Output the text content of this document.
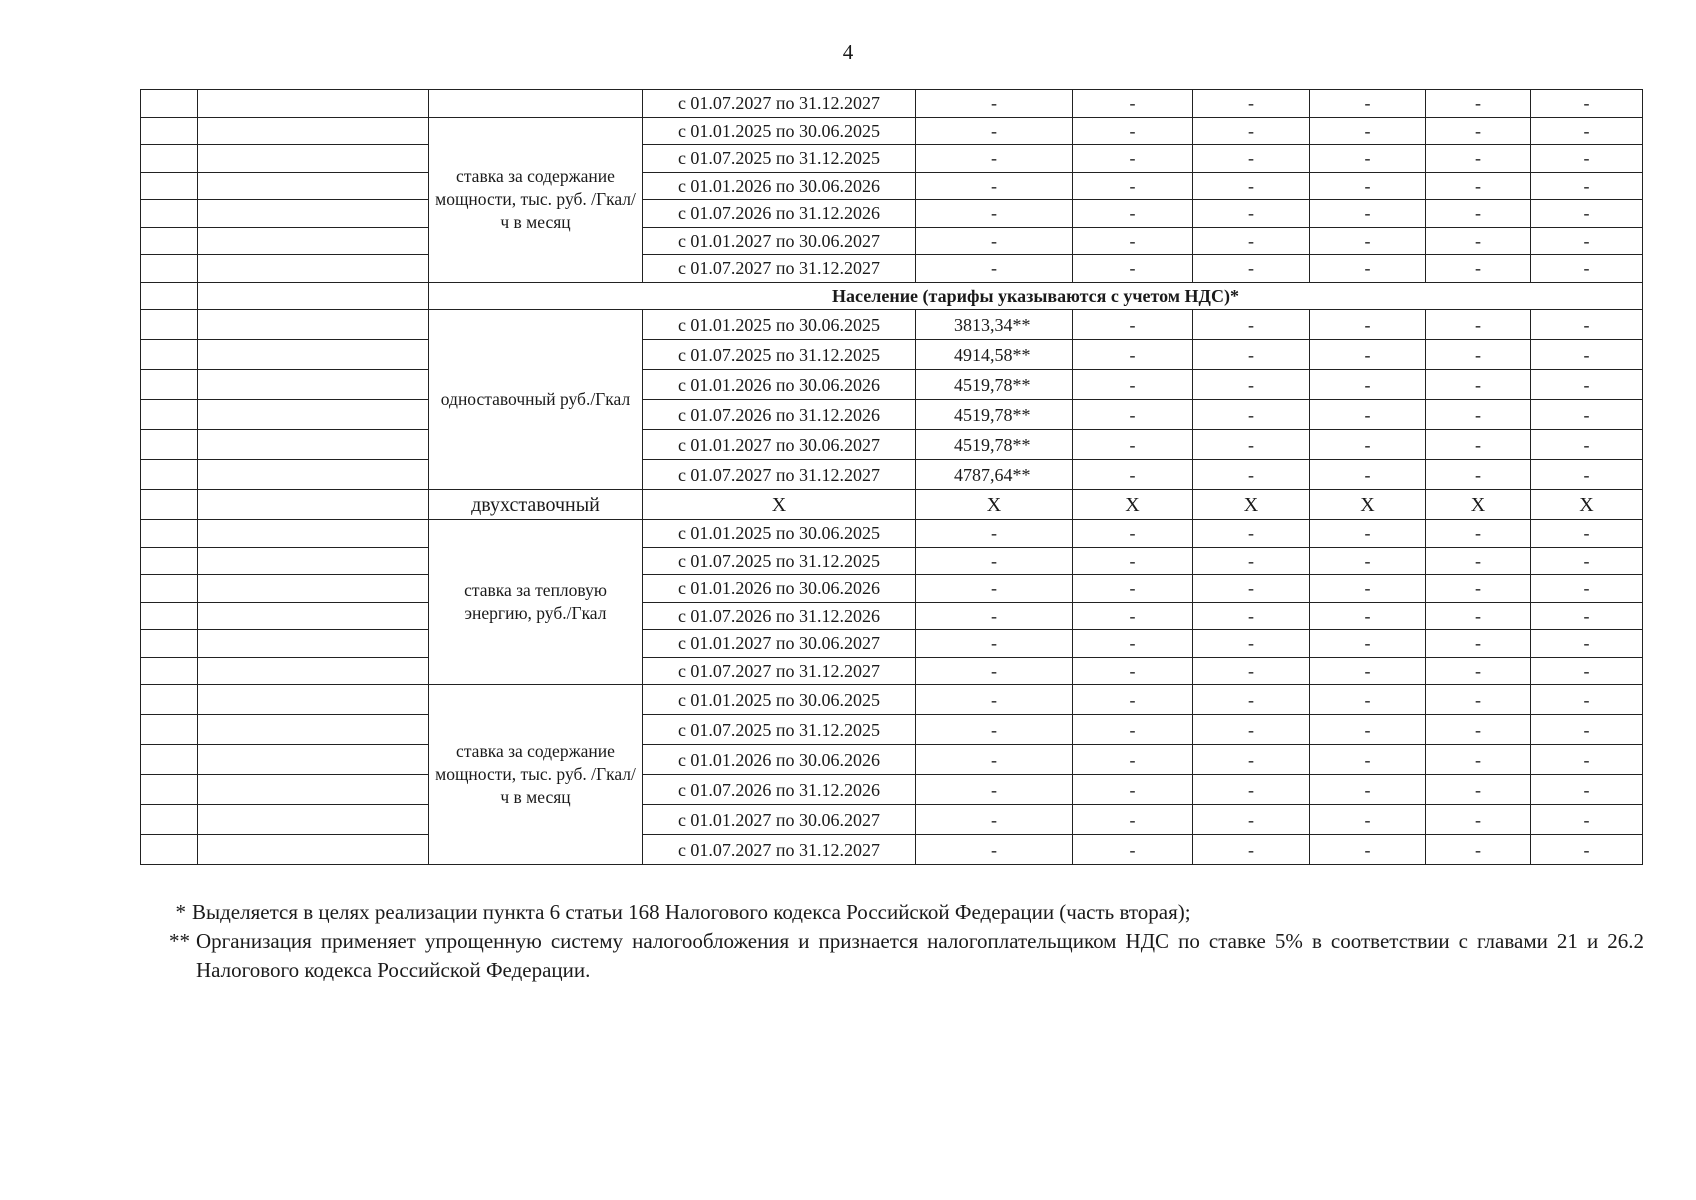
4
			с 01.07.2027 по 31.12.2027	-	-	-	-	-	-
		ставка за содержание мощности, тыс. руб. /Гкал/ч в месяц	с 01.01.2025 по 30.06.2025	-	-	-	-	-	-
			с 01.07.2025 по 31.12.2025	-	-	-	-	-	-
			с 01.01.2026 по 30.06.2026	-	-	-	-	-	-
			с 01.07.2026 по 31.12.2026	-	-	-	-	-	-
			с 01.01.2027 по 30.06.2027	-	-	-	-	-	-
			с 01.07.2027 по 31.12.2027	-	-	-	-	-	-
		Население (тарифы указываются с учетом НДС)*							
		одноставочный руб./Гкал	с 01.01.2025 по 30.06.2025	3813,34**	-	-	-	-	-
			с 01.07.2025 по 31.12.2025	4914,58**	-	-	-	-	-
			с 01.01.2026 по 30.06.2026	4519,78**	-	-	-	-	-
			с 01.07.2026 по 31.12.2026	4519,78**	-	-	-	-	-
			с 01.01.2027 по 30.06.2027	4519,78**	-	-	-	-	-
			с 01.07.2027 по 31.12.2027	4787,64**	-	-	-	-	-
		двухставочный	X	X	X	X	X	X	X
		ставка за тепловую энергию, руб./Гкал	с 01.01.2025 по 30.06.2025	-	-	-	-	-	-
			с 01.07.2025 по 31.12.2025	-	-	-	-	-	-
			с 01.01.2026 по 30.06.2026	-	-	-	-	-	-
			с 01.07.2026 по 31.12.2026	-	-	-	-	-	-
			с 01.01.2027 по 30.06.2027	-	-	-	-	-	-
			с 01.07.2027 по 31.12.2027	-	-	-	-	-	-
		ставка за содержание мощности, тыс. руб. /Гкал/ч в месяц	с 01.01.2025 по 30.06.2025	-	-	-	-	-	-
			с 01.07.2025 по 31.12.2025	-	-	-	-	-	-
			с 01.01.2026 по 30.06.2026	-	-	-	-	-	-
			с 01.07.2026 по 31.12.2026	-	-	-	-	-	-
			с 01.01.2027 по 30.06.2027	-	-	-	-	-	-
			с 01.07.2027 по 31.12.2027	-	-	-	-	-	-
* Выделяется в целях реализации пункта 6 статьи 168 Налогового кодекса Российской Федерации (часть вторая);
** Организация применяет упрощенную систему налогообложения и признается налогоплательщиком НДС по ставке 5% в соответствии с главами 21 и 26.2 Налогового кодекса Российской Федерации.
